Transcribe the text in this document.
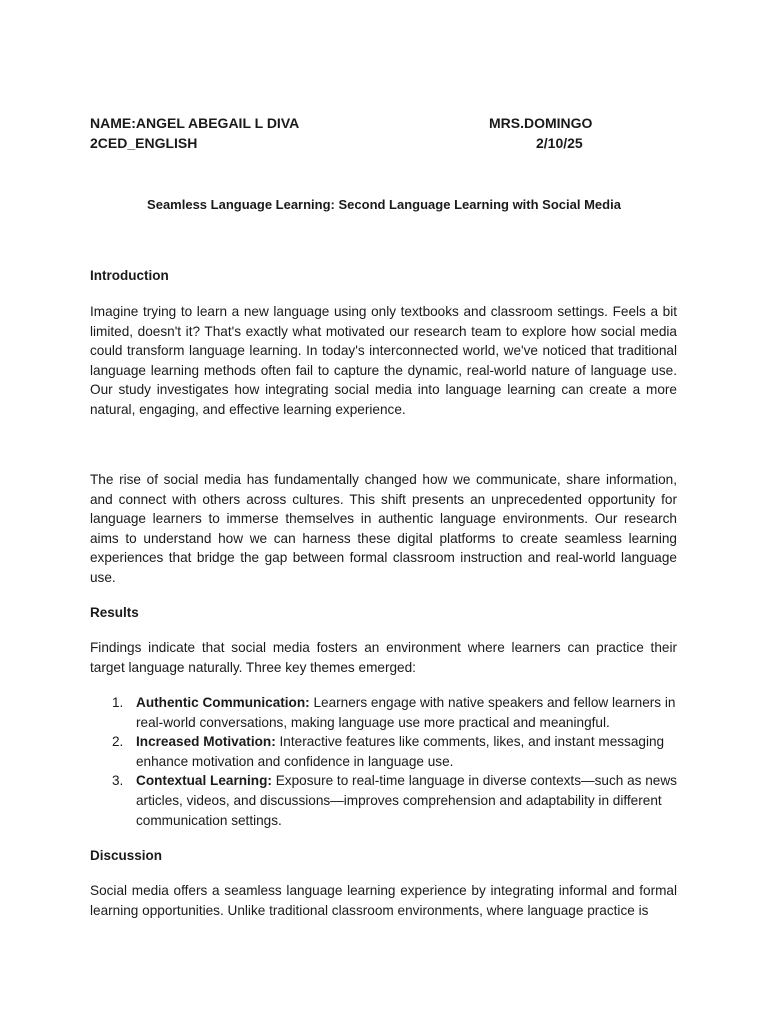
NAME:ANGEL ABEGAIL L DIVA
2CED_ENGLISH
MRS.DOMINGO
2/10/25
Seamless Language Learning: Second Language Learning with Social Media
Introduction

Imagine trying to learn a new language using only textbooks and classroom settings. Feels a bit limited, doesn't it? That's exactly what motivated our research team to explore how social media could transform language learning. In today's interconnected world, we've noticed that traditional language learning methods often fail to capture the dynamic, real-world nature of language use. Our study investigates how integrating social media into language learning can create a more natural, engaging, and effective learning experience.

The rise of social media has fundamentally changed how we communicate, share information, and connect with others across cultures. This shift presents an unprecedented opportunity for language learners to immerse themselves in authentic language environments. Our research aims to understand how we can harness these digital platforms to create seamless learning experiences that bridge the gap between formal classroom instruction and real-world language use.

Results

Findings indicate that social media fosters an environment where learners can practice their target language naturally. Three key themes emerged:

1. Authentic Communication: Learners engage with native speakers and fellow learners in real-world conversations, making language use more practical and meaningful.
2. Increased Motivation: Interactive features like comments, likes, and instant messaging enhance motivation and confidence in language use.
3. Contextual Learning: Exposure to real-time language in diverse contexts—such as news articles, videos, and discussions—improves comprehension and adaptability in different communication settings.
Discussion

Social media offers a seamless language learning experience by integrating informal and formal learning opportunities. Unlike traditional classroom environments, where language practice is
